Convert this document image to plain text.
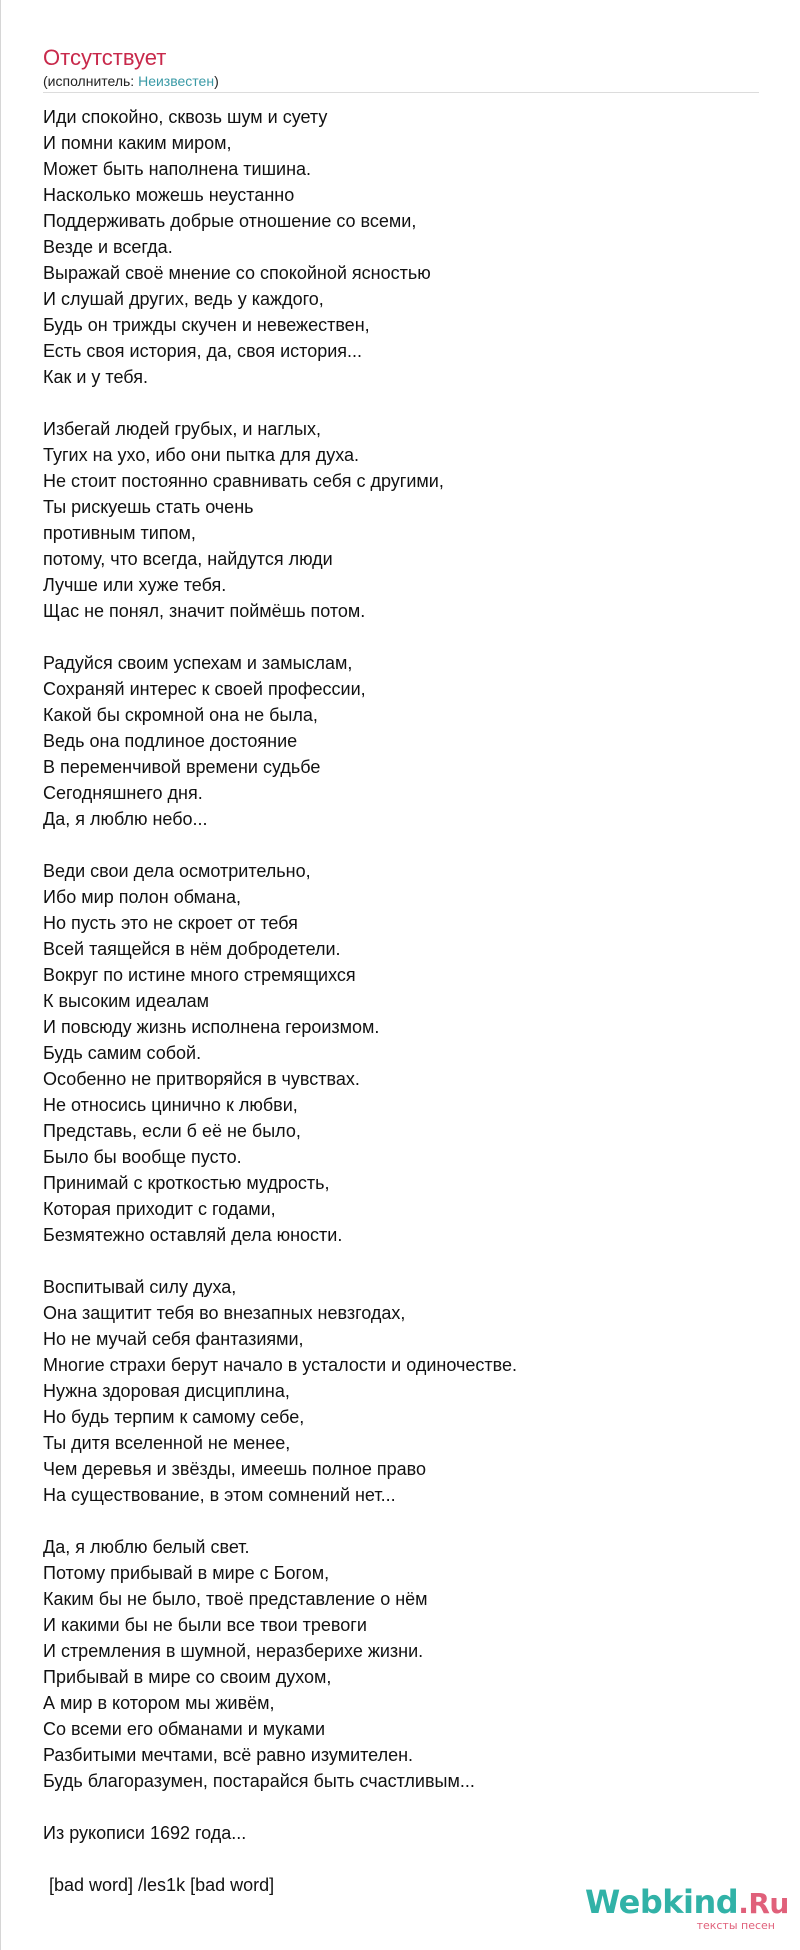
Отсутствует
(исполнитель: Неизвестен)
Иди спокойно, сквозь шум и суету
И помни каким миром,
Может быть наполнена тишина.
Насколько можешь неустанно
Поддерживать добрые отношение со всеми,
Везде и всегда.
Выражай своё мнение со спокойной ясностью
И слушай других, ведь у каждого,
Будь он трижды скучен и невежествен,
Есть своя история, да, своя история...
Как и у тебя.
Избегай людей грубых, и наглых,
Тугих на ухо, ибо они пытка для духа.
Не стоит постоянно сравнивать себя с другими,
Ты рискуешь стать очень
противным типом,
потому, что всегда, найдутся люди
Лучше или хуже тебя.
Щас не понял, значит поймёшь потом.
Радуйся своим успехам и замыслам,
Сохраняй интерес к своей профессии,
Какой бы скромной она не была,
Ведь она подлиное достояние
В переменчивой времени судьбе
Сегодняшнего дня.
Да, я люблю небо...
Веди свои дела осмотрительно,
Ибо мир полон обмана,
Но пусть это не скроет от тебя
Всей таящейся в нём добродетели.
Вокруг по истине много стремящихся
К высоким идеалам
И повсюду жизнь исполнена героизмом.
Будь самим собой.
Особенно не притворяйся в чувствах.
Не относись цинично к любви,
Представь, если б её не было,
Было бы вообще пусто.
Принимай с кроткостью мудрость,
Которая приходит с годами,
Безмятежно оставляй дела юности.
Воспитывай силу духа,
Она защитит тебя во внезапных невзгодах,
Но не мучай себя фантазиями,
Многие страхи берут начало в усталости и одиночестве.
Нужна здоровая дисциплина,
Но будь терпим к самому себе,
Ты дитя вселенной не менее,
Чем деревья и звёзды, имеешь полное право
На существование, в этом сомнений нет...
Да, я люблю белый свет.
Потому прибывай в мире с Богом,
Каким бы не было, твоё представление о нём
И какими бы не были все твои тревоги
И стремления в шумной, неразберихе жизни.
Прибывай в мире со своим духом,
А мир в котором мы живём,
Со всеми его обманами и муками
Разбитыми мечтами, всё равно изумителен.
Будь благоразумен, постарайся быть счастливым...
Из рукописи 1692 года...
[bad word] /les1k [bad word]	Webkind.Ru
тексты песен
